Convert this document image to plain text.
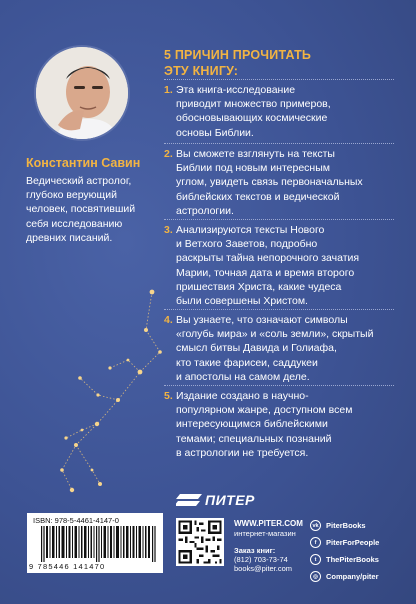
Константин Савин
Ведический астролог,
глубоко верующий
человек, посвятивший
себя исследованию
древних писаний.
5 ПРИЧИН ПРОЧИТАТЬ
ЭТУ КНИГУ:
1. Эта книга-исследование
приводит множество примеров,
обосновывающих космические
основы Библии.
2. Вы сможете взглянуть на тексты
Библии под новым интересным
углом, увидеть связь первоначальных
библейских текстов и ведической
астрологии.
3. Анализируются тексты Нового
и Ветхого Заветов, подробно
раскрыты тайна непорочного зачатия
Марии, точная дата и время второго
пришествия Христа, какие чудеса
были совершены Христом.
4. Вы узнаете, что означают символы
«голубь мира» и «соль земли», скрытый
смысл битвы Давида и Голиафа,
кто такие фарисеи, саддукеи
и апостолы на самом деле.
5. Издание создано в научно-
популярном жанре, доступном всем
интересующимся библейскими
темами; специальных познаний
в астрологии не требуется.
ISBN: 978-5-4461-4147-0
9 785446 141470
ПИТЕР
WWW.PITER.COM
интернет-магазин
Заказ книг:
(812) 703-73-74
books@piter.com
vk PiterBooks
f	PiterForPeople
t	ThePiterBooks
◎	Company/piter
